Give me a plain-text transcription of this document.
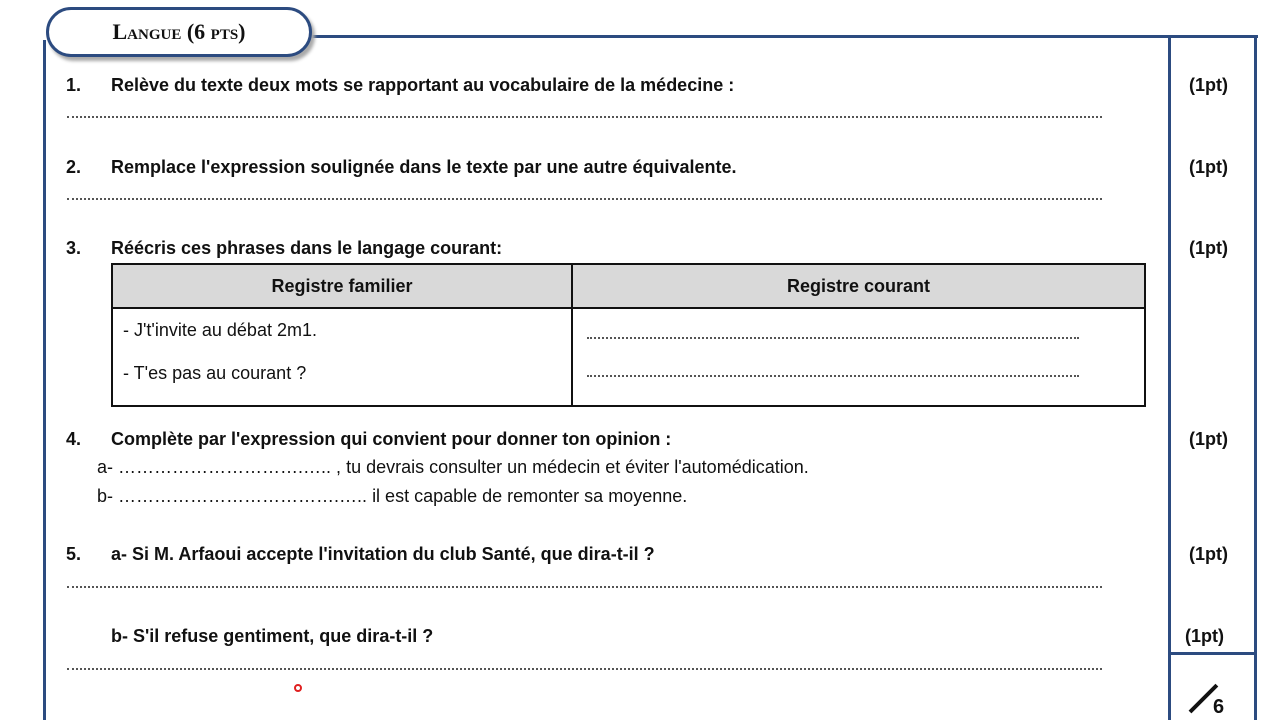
Langue (6 pts)
1. Relève du texte deux mots se rapportant au vocabulaire de la médecine :	(1pt)
2. Remplace l'expression soulignée dans le texte par une autre équivalente.	(1pt)
3. Réécris ces phrases dans le langage courant:	(1pt)
Registre familier	Registre courant

- J't'invite au débat 2m1.
- T'es pas au courant ?	

4. Complète par l'expression qui convient pour donner ton opinion :	(1pt)
a- ………………………….….. , tu devrais consulter un médecin et éviter l'automédication.
b- ……………………………….….. il est capable de remonter sa moyenne.
5. a- Si M. Arfaoui accepte l'invitation du club Santé, que dira-t-il ?	(1pt)
b- S'il refuse gentiment, que dira-t-il ?	(1pt)
6
